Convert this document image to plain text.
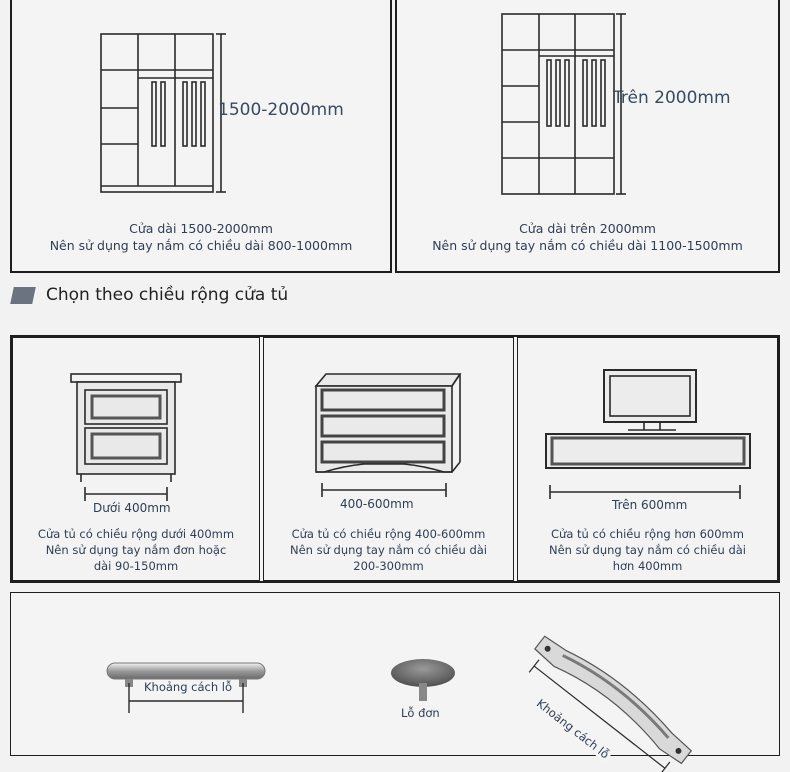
1500-2000mm
Cửa dài 1500-2000mm
Nên sử dụng tay nắm có chiều dài 800-1000mm
Trên 2000mm
Cửa dài trên 2000mm
Nên sử dụng tay nắm có chiều dài 1100-1500mm
Chọn theo chiều rộng cửa tủ
Dưới 400mm
Cửa tủ có chiều rộng dưới 400mm
Nên sử dụng tay nắm đơn hoặc
dài 90-150mm
400-600mm
Cửa tủ có chiều rộng 400-600mm
Nên sử dụng tay nắm có chiều dài
200-300mm
Trên 600mm
Cửa tủ có chiều rộng hơn 600mm
Nên sử dụng tay nắm có chiều dài
hơn 400mm
Khoảng cách lỗ
Lỗ đơn	Khoảng cách lỗ
